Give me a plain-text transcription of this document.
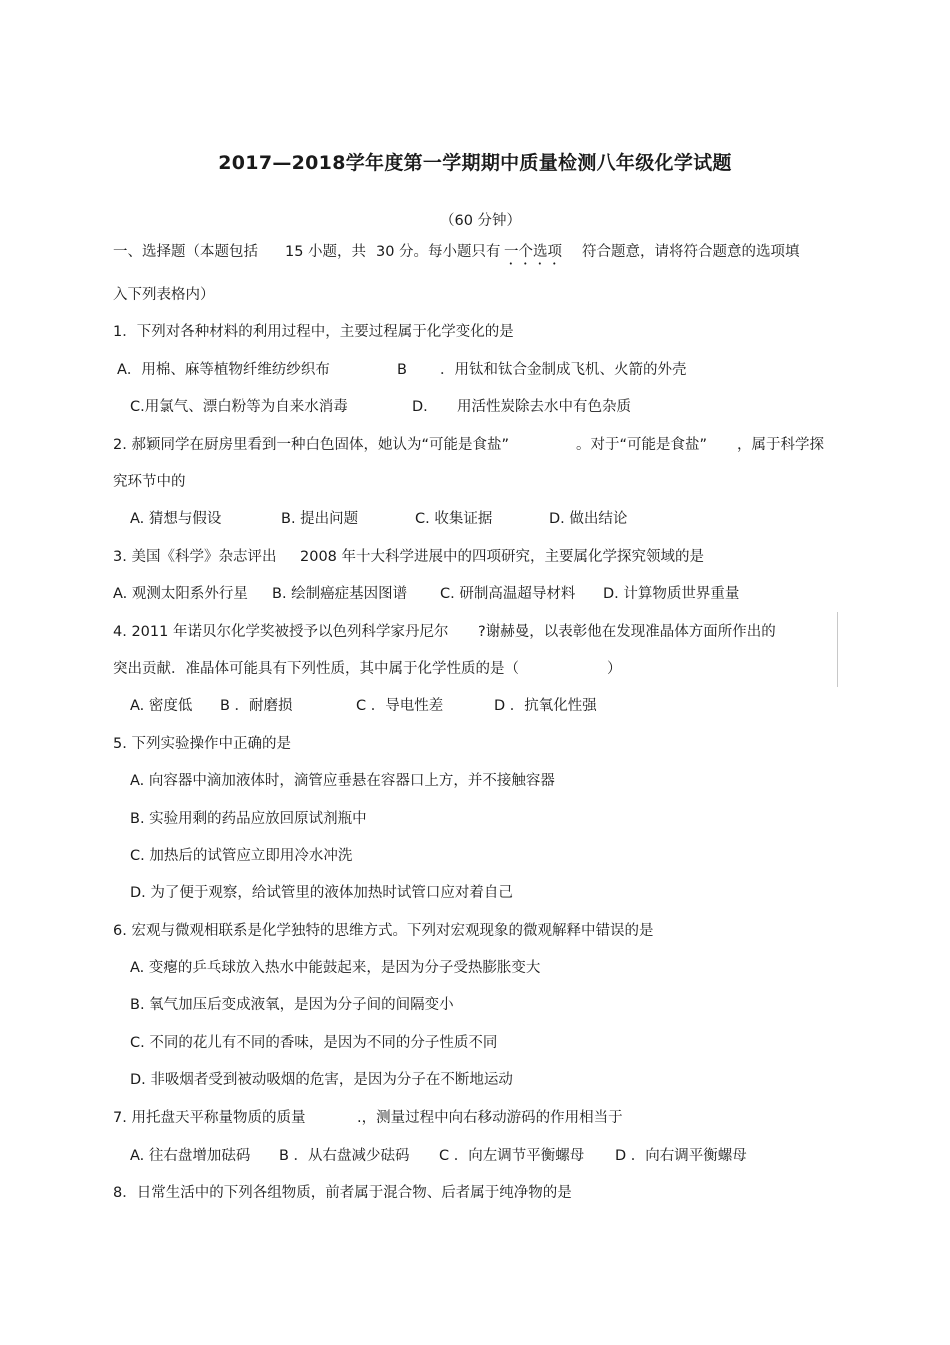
2017—2018学年度第一学期期中质量检测八年级化学试题
（60 分钟）
一、选择题（本题包括 15 小题，共 30 分。每小题只有 一个选项 符合题意，请将符合题意的选项填
入下列表格内）
1．下列对各种材料的利用过程中，主要过程属于化学变化的是
A．用棉、麻等植物纤维纺纱织布	B ．用钛和钛合金制成飞机、火箭的外壳
C.用氯气、漂白粉等为自来水消毒	D. 用活性炭除去水中有色杂质
2. 郝颖同学在厨房里看到一种白色固体，她认为“可能是食盐”	。对于“可能是食盐” ，属于科学探
究环节中的
A. 猜想与假设	B. 提出问题	C. 收集证据	D. 做出结论
3. 美国《科学》杂志评出 2008 年十大科学进展中的四项研究，主要属化学探究领域的是
A. 观测太阳系外行星 B. 绘制癌症基因图谱 C. 研制高温超导材料 D. 计算物质世界重量
4. 2011 年诺贝尔化学奖被授予以色列科学家丹尼尔 ?谢赫曼，以表彰他在发现准晶体方面所作出的
突出贡献．准晶体可能具有下列性质，其中属于化学性质的是（	）
A. 密度低 B ．耐磨损	C ．导电性差	D ．抗氧化性强
5. 下列实验操作中正确的是
A. 向容器中滴加液体时，滴管应垂悬在容器口上方，并不接触容器
B. 实验用剩的药品应放回原试剂瓶中
C. 加热后的试管应立即用冷水冲洗
D. 为了便于观察，给试管里的液体加热时试管口应对着自己
6. 宏观与微观相联系是化学独特的思维方式。下列对宏观现象的微观解释中错误的是
A. 变瘪的乒乓球放入热水中能鼓起来，是因为分子受热膨胀变大
B. 氧气加压后变成液氧，是因为分子间的间隔变小
C. 不同的花儿有不同的香味，是因为不同的分子性质不同
D. 非吸烟者受到被动吸烟的危害，是因为分子在不断地运动
7. 用托盘天平称量物质的质量	.，测量过程中向右移动游码的作用相当于
A. 往右盘增加砝码 B ．从右盘减少砝码 C ．向左调节平衡螺母 D ．向右调平衡螺母
8．日常生活中的下列各组物质，前者属于混合物、后者属于纯净物的是
